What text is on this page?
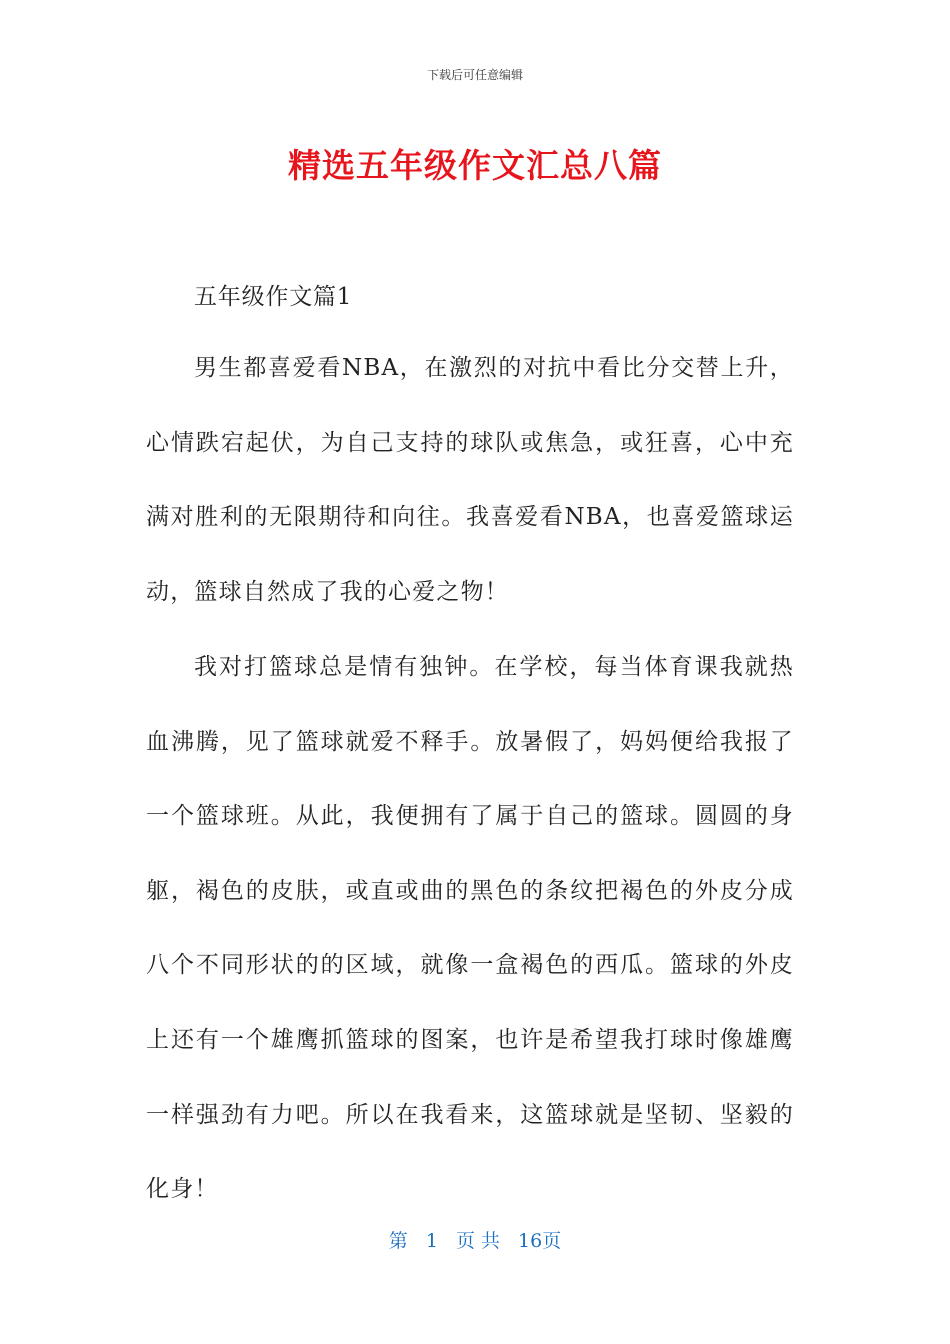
下载后可任意编辑
精选五年级作文汇总八篇
五年级作文篇1

男生都喜爱看NBA，在激烈的对抗中看比分交替上升，心情跌宕起伏，为自己支持的球队或焦急，或狂喜，心中充满对胜利的无限期待和向往。我喜爱看NBA，也喜爱篮球运动，篮球自然成了我的心爱之物！

我对打篮球总是情有独钟。在学校，每当体育课我就热血沸腾，见了篮球就爱不释手。放暑假了，妈妈便给我报了一个篮球班。从此，我便拥有了属于自己的篮球。圆圆的身躯，褐色的皮肤，或直或曲的黑色的条纹把褐色的外皮分成八个不同形状的的区域，就像一盒褐色的西瓜。篮球的外皮上还有一个雄鹰抓篮球的图案，也许是希望我打球时像雄鹰一样强劲有力吧。所以在我看来，这篮球就是坚韧、坚毅的化身！

第 1 页 共 16页
